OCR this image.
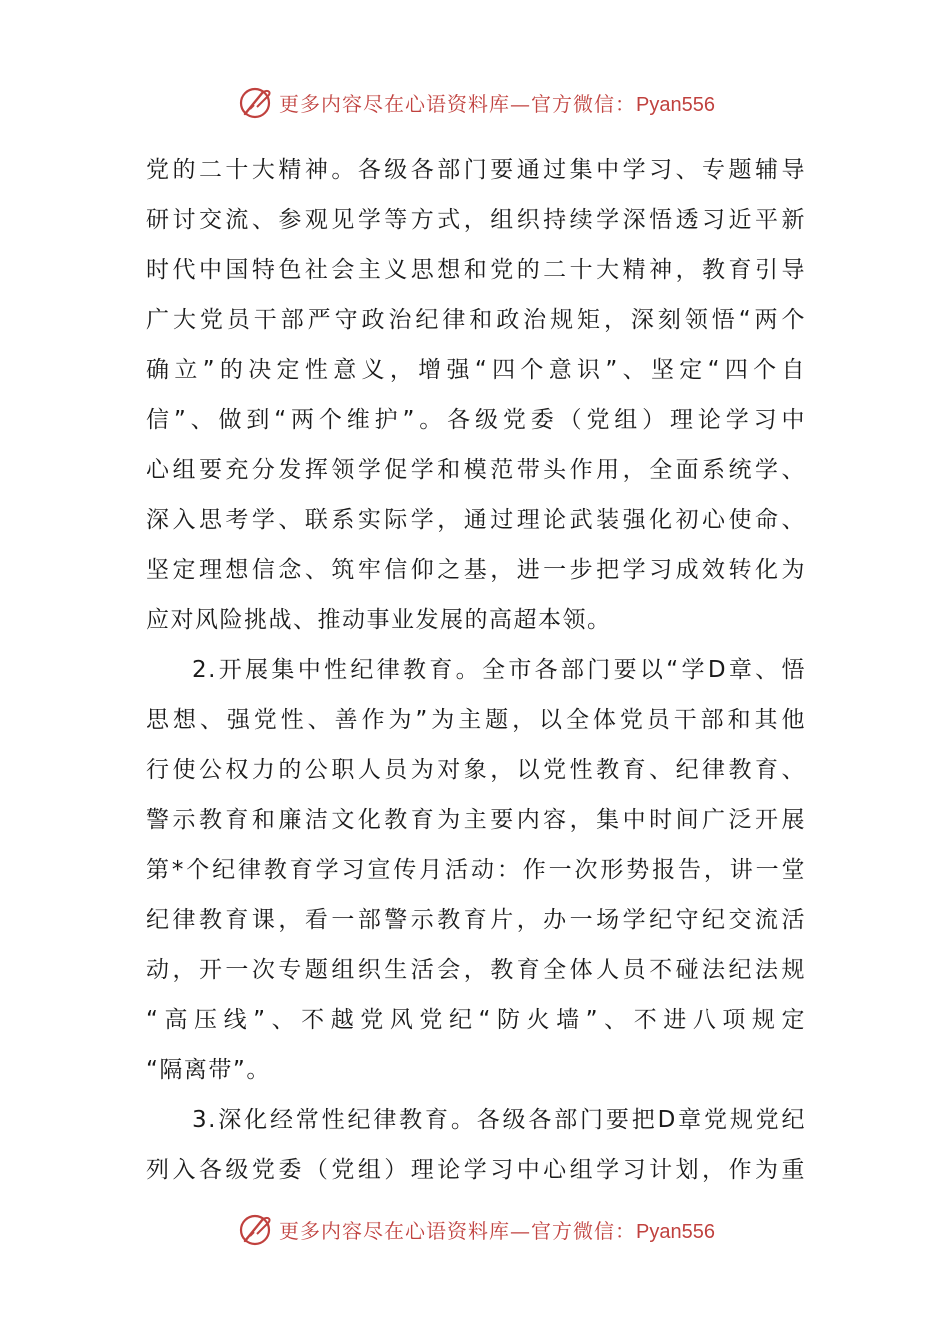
更多内容尽在心语资料库—官方微信：Pyan556
党的二十大精神。各级各部门要通过集中学习、专题辅导
研讨交流、参观见学等方式，组织持续学深悟透习近平新
时代中国特色社会主义思想和党的二十大精神，教育引导
广大党员干部严守政治纪律和政治规矩，深刻领悟“两个
确立”的决定性意义，增强“四个意识”、坚定“四个自
信”、做到“两个维护”。各级党委（党组）理论学习中
心组要充分发挥领学促学和模范带头作用，全面系统学、
深入思考学、联系实际学，通过理论武装强化初心使命、
坚定理想信念、筑牢信仰之基，进一步把学习成效转化为
应对风险挑战、推动事业发展的高超本领。
2.开展集中性纪律教育。全市各部门要以“学D章、悟
思想、强党性、善作为”为主题，以全体党员干部和其他
行使公权力的公职人员为对象，以党性教育、纪律教育、
警示教育和廉洁文化教育为主要内容，集中时间广泛开展
第*个纪律教育学习宣传月活动：作一次形势报告，讲一堂
纪律教育课，看一部警示教育片，办一场学纪守纪交流活
动，开一次专题组织生活会，教育全体人员不碰法纪法规
“高压线”、不越党风党纪“防火墙”、不进八项规定
“隔离带”。
3.深化经常性纪律教育。各级各部门要把D章党规党纪
列入各级党委（党组）理论学习中心组学习计划，作为重
更多内容尽在心语资料库—官方微信：Pyan556
